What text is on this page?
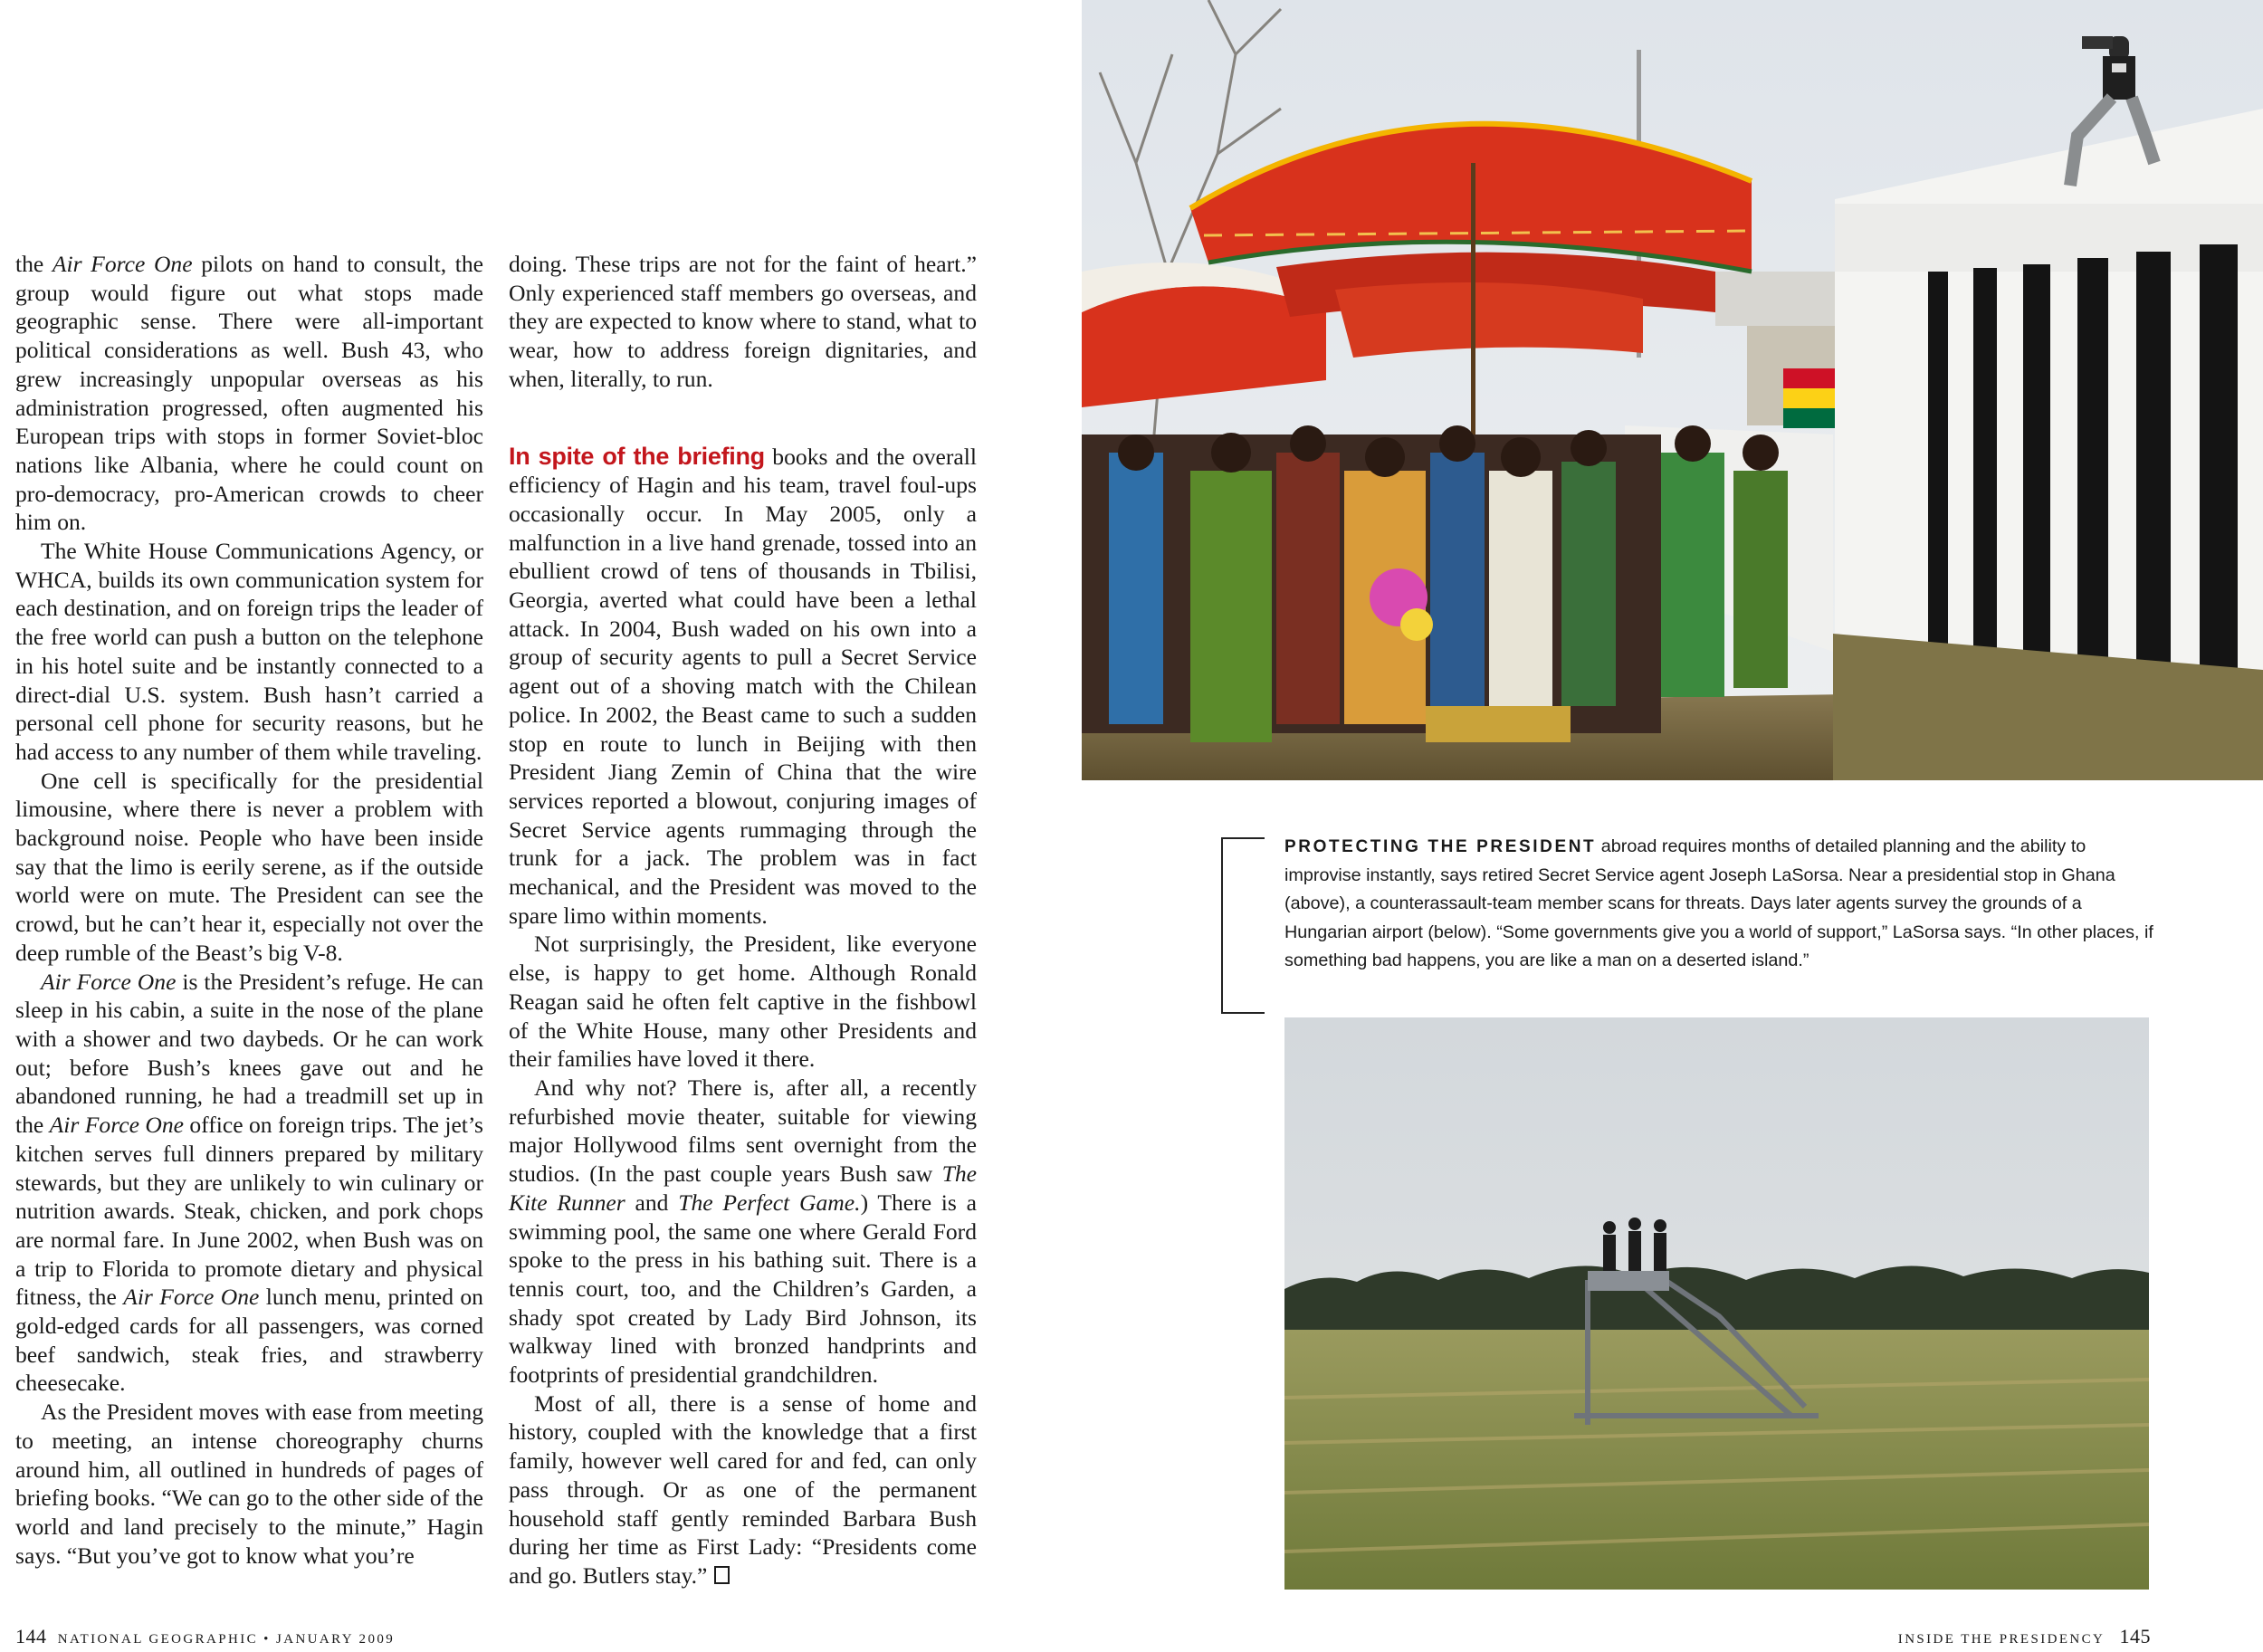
the Air Force One pilots on hand to consult, the group would figure out what stops made geographic sense. There were all-important political considerations as well. Bush 43, who grew increasingly unpopular overseas as his administration progressed, often augmented his European trips with stops in former Soviet-bloc nations like Albania, where he could count on pro-democracy, pro-American crowds to cheer him on.

The White House Communications Agency, or WHCA, builds its own communication system for each destination, and on foreign trips the leader of the free world can push a button on the telephone in his hotel suite and be instantly connected to a direct-dial U.S. system. Bush hasn’t carried a personal cell phone for security reasons, but he had access to any number of them while traveling.

One cell is specifically for the presidential limousine, where there is never a problem with background noise. People who have been inside say that the limo is eerily serene, as if the outside world were on mute. The President can see the crowd, but he can’t hear it, especially not over the deep rumble of the Beast’s big V-8.

Air Force One is the President’s refuge. He can sleep in his cabin, a suite in the nose of the plane with a shower and two daybeds. Or he can work out; before Bush’s knees gave out and he abandoned running, he had a treadmill set up in the Air Force One office on foreign trips. The jet’s kitchen serves full dinners prepared by military stewards, but they are unlikely to win culinary or nutrition awards. Steak, chicken, and pork chops are normal fare. In June 2002, when Bush was on a trip to Florida to promote dietary and physical fitness, the Air Force One lunch menu, printed on gold-edged cards for all passengers, was corned beef sandwich, steak fries, and strawberry cheesecake.

As the President moves with ease from meeting to meeting, an intense choreography churns around him, all outlined in hundreds of pages of briefing books. “We can go to the other side of the world and land precisely to the minute,” Hagin says. “But you’ve got to know what you’re

doing. These trips are not for the faint of heart.” Only experienced staff members go overseas, and they are expected to know where to stand, what to wear, how to address foreign dignitaries, and when, literally, to run.

In spite of the briefing books and the overall efficiency of Hagin and his team, travel foul-ups occasionally occur. In May 2005, only a malfunction in a live hand grenade, tossed into an ebullient crowd of tens of thousands in Tbilisi, Georgia, averted what could have been a lethal attack. In 2004, Bush waded on his own into a group of security agents to pull a Secret Service agent out of a shoving match with the Chilean police. In 2002, the Beast came to such a sudden stop en route to lunch in Beijing with then President Jiang Zemin of China that the wire services reported a blowout, conjuring images of Secret Service agents rummaging through the trunk for a jack. The problem was in fact mechanical, and the President was moved to the spare limo within moments.

Not surprisingly, the President, like everyone else, is happy to get home. Although Ronald Reagan said he often felt captive in the fishbowl of the White House, many other Presidents and their families have loved it there.

And why not? There is, after all, a recently refurbished movie theater, suitable for viewing major Hollywood films sent overnight from the studios. (In the past couple years Bush saw The Kite Runner and The Perfect Game.) There is a swimming pool, the same one where Gerald Ford spoke to the press in his bathing suit. There is a tennis court, too, and the Children’s Garden, a shady spot created by Lady Bird Johnson, its walkway lined with bronzed handprints and footprints of presidential grandchildren.

Most of all, there is a sense of home and history, coupled with the knowledge that a first family, however well cared for and fed, can only pass through. Or as one of the permanent household staff gently reminded Barbara Bush during her time as First Lady: “Presidents come and go. Butlers stay.”

144 NATIONAL GEOGRAPHIC • JANUARY 2009
PROTECTING THE PRESIDENT abroad requires months of detailed planning and the ability to improvise instantly, says retired Secret Service agent Joseph LaSorsa. Near a presidential stop in Ghana (above), a counterassault-team member scans for threats. Days later agents survey the grounds of a Hungarian airport (below). “Some governments give you a world of support,” LaSorsa says. “In other places, if something bad happens, you are like a man on a deserted island.”
INSIDE THE PRESIDENCY 145
